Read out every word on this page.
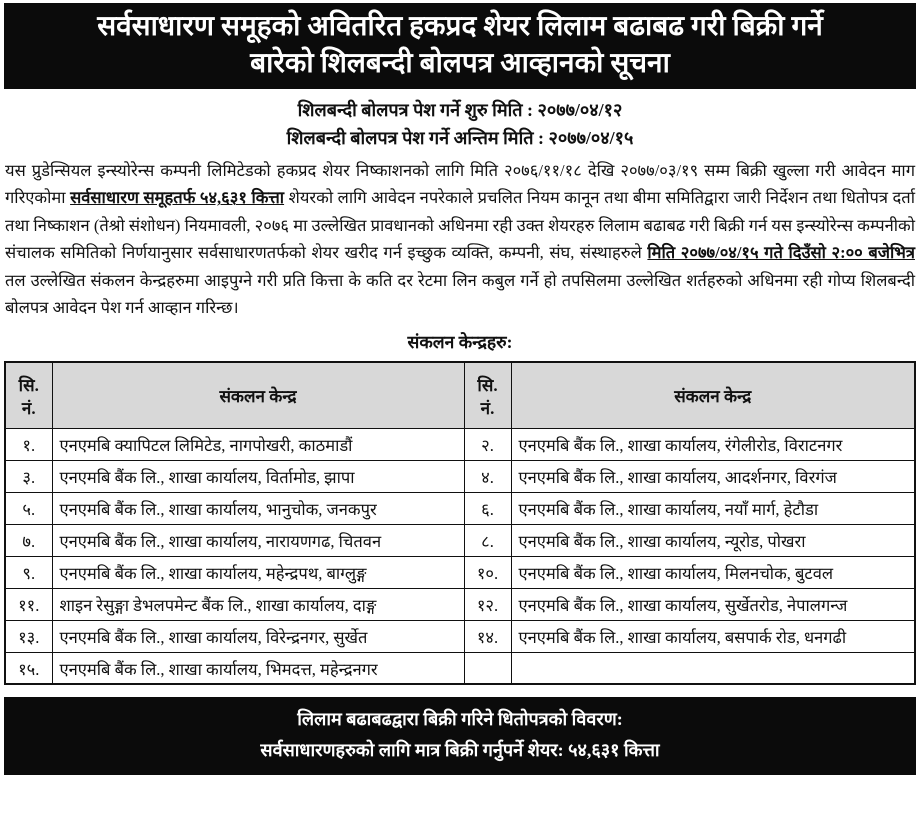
सर्वसाधारण समूहको अवितरित हकप्रद शेयर लिलाम बढाबढ गरी बिक्री गर्ने
बारेको शिलबन्दी बोलपत्र आव्हानको सूचना
शिलबन्दी बोलपत्र पेश गर्ने शुरु मिति : २०७७/०४/१२
शिलबन्दी बोलपत्र पेश गर्ने अन्तिम मिति : २०७७/०४/१५
यस प्रुडेन्सियल इन्स्योरेन्स कम्पनी लिमिटेडको हकप्रद शेयर निष्काशनको लागि मिति २०७६/११/१८ देखि २०७७/०३/१९ सम्म बिक्री खुल्ला गरी आवेदन माग गरिएकोमा सर्वसाधारण समूहतर्फ ५४,६३१ कित्ता शेयरको लागि आवेदन नपरेकाले प्रचलित नियम कानून तथा बीमा समितिद्वारा जारी निर्देशन तथा धितोपत्र दर्ता तथा निष्काशन (तेश्रो संशोधन) नियमावली, २०७६ मा उल्लेखित प्रावधानको अधिनमा रही उक्त शेयरहरु लिलाम बढाबढ गरी बिक्री गर्न यस इन्स्योरेन्स कम्पनीको संचालक समितिको निर्णयानुसार सर्वसाधारणतर्फको शेयर खरीद गर्न इच्छुक व्यक्ति, कम्पनी, संघ, संस्थाहरुले मिति २०७७/०४/१५ गते दिउँसो २:०० बजेभित्र तल उल्लेखित संकलन केन्द्रहरुमा आइपुग्ने गरी प्रति कित्ता के कति दर रेटमा लिन कबुल गर्ने हो तपसिलमा उल्लेखित शर्तहरुको अधिनमा रही गोप्य शिलबन्दी बोलपत्र आवेदन पेश गर्न आव्हान गरिन्छ।
संकलन केन्द्रहरु:
सि.
नं.
	संकलन केन्द्र	
सि.
नं.
	संकलन केन्द्र
१.	एनएमबि क्यापिटल लिमिटेड, नागपोखरी, काठमाडौं	२.	एनएमबि बैंक लि., शाखा कार्यालय, रंगेलीरोड, विराटनगर
३.	एनएमबि बैंक लि., शाखा कार्यालय, विर्तामोड, झापा	४.	एनएमबि बैंक लि., शाखा कार्यालय, आदर्शनगर, विरगंज
५.	एनएमबि बैंक लि., शाखा कार्यालय, भानुचोक, जनकपुर	६.	एनएमबि बैंक लि., शाखा कार्यालय, नयाँ मार्ग, हेटौडा
७.	एनएमबि बैंक लि., शाखा कार्यालय, नारायणगढ, चितवन	८.	एनएमबि बैंक लि., शाखा कार्यालय, न्यूरोड, पोखरा
९.	एनएमबि बैंक लि., शाखा कार्यालय, महेन्द्रपथ, बाग्लुङ्ग	१०.	एनएमबि बैंक लि., शाखा कार्यालय, मिलनचोक, बुटवल
११.	शाइन रेसुङ्गा डेभलपमेन्ट बैंक लि., शाखा कार्यालय, दाङ्ग	१२.	एनएमबि बैंक लि., शाखा कार्यालय, सुर्खेतरोड, नेपालगन्ज
१३.	एनएमबि बैंक लि., शाखा कार्यालय, विरेन्द्रनगर, सुर्खेत	१४.	एनएमबि बैंक लि., शाखा कार्यालय, बसपार्क रोड, धनगढी
१५.	एनएमबि बैंक लि., शाखा कार्यालय, भिमदत्त, महेन्द्रनगर		
लिलाम बढाबढद्वारा बिक्री गरिने धितोपत्रको विवरण:
सर्वसाधारणहरुको लागि मात्र बिक्री गर्नुपर्ने शेयर: ५४,६३१ कित्ता
